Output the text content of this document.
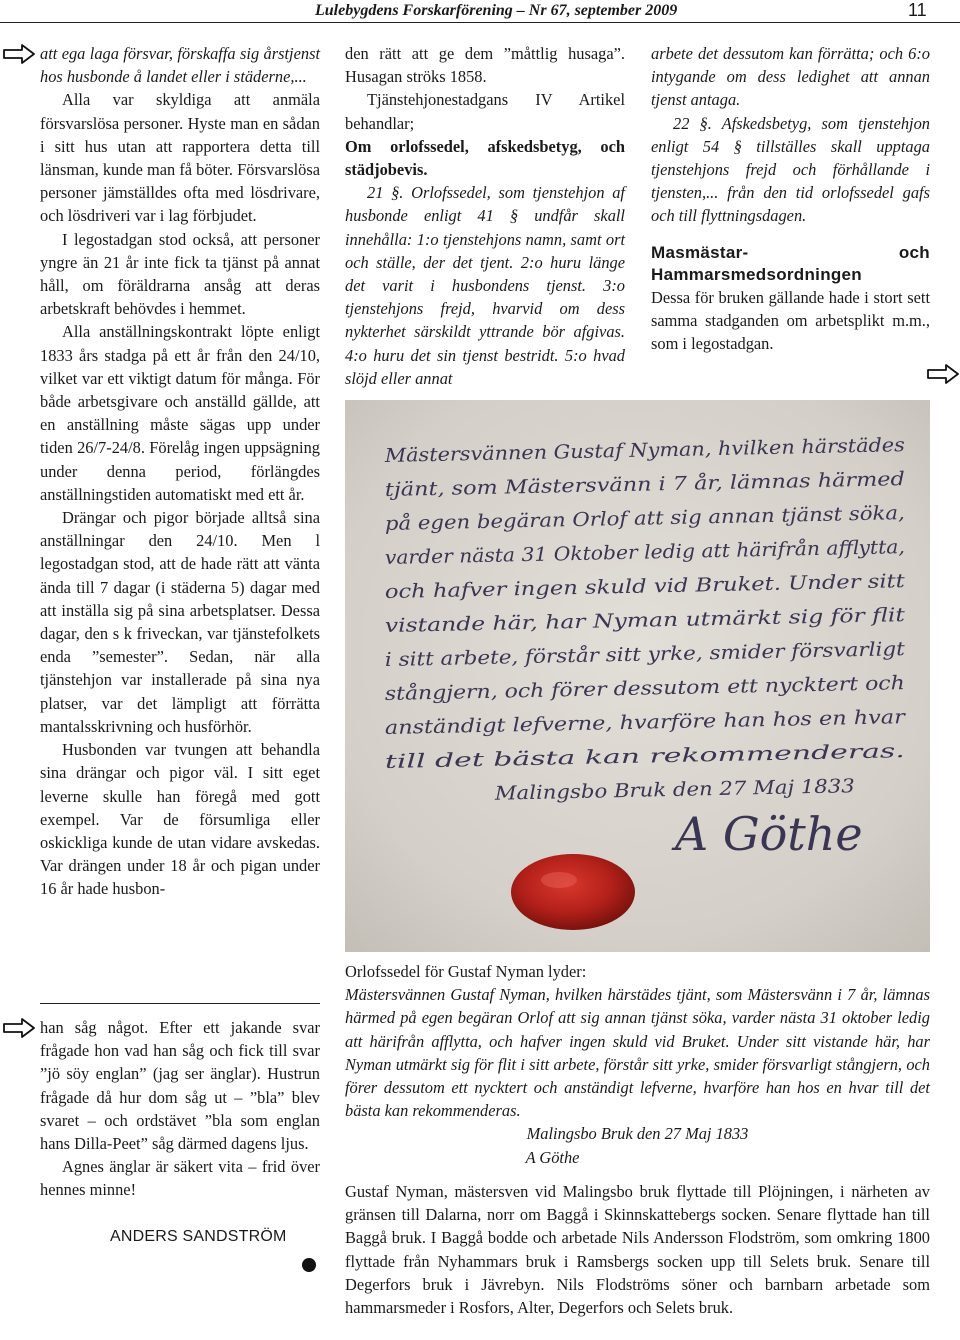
Lulebygdens Forskarförening – Nr 67, september 2009	11

att ega laga försvar, förskaffa sig årstjenst hos husbonde å landet eller i städerne,...

Alla var skyldiga att anmäla försvarslösa personer. Hyste man en sådan i sitt hus utan att rapportera detta till länsman, kunde man få böter. Försvarslösa personer jämställdes ofta med lösdrivare, och lösdriveri var i lag förbjudet.

I legostadgan stod också, att personer yngre än 21 år inte fick ta tjänst på annat håll, om föräldrarna ansåg att deras arbetskraft behövdes i hemmet.

Alla anställningskontrakt löpte enligt 1833 års stadga på ett år från den 24/10, vilket var ett viktigt datum för många. För både arbetsgivare och anställd gällde, att en anställning måste sägas upp under tiden 26/7-24/8. Förelåg ingen uppsägning under denna period, förlängdes anställningstiden automatiskt med ett år.

Drängar och pigor började alltså sina anställningar den 24/10. Men l legostadgan stod, att de hade rätt att vänta ända till 7 dagar (i städerna 5) dagar med att inställa sig på sina arbetsplatser. Dessa dagar, den s k friveckan, var tjänstefolkets enda ”semester”. Sedan, när alla tjänstehjon var installerade på sina nya platser, var det lämpligt att förrätta mantalsskrivning och husförhör.

Husbonden var tvungen att behandla sina drängar och pigor väl. I sitt eget leverne skulle han föregå med gott exempel. Var de försumliga eller oskickliga kunde de utan vidare avskedas. Var drängen under 18 år och pigan under 16 år hade husbon-

han såg något. Efter ett jakande svar frågade hon vad han såg och fick till svar ”jö söy englan” (jag ser änglar). Hustrun frågade då hur dom såg ut – ”bla” blev svaret – och ordstävet ”bla som englan hans Dilla-Peet” såg därmed dagens ljus.

Agnes änglar är säkert vita – frid över hennes minne!

ANDERS SANDSTRÖM

den rätt att ge dem ”måttlig husaga”. Husagan ströks 1858.

Tjänstehjonestadgans IV Artikel behandlar;

Om orlofssedel, afskedsbetyg, och städjobevis.

21 §. Orlofssedel, som tjenstehjon af husbonde enligt 41 § undfår skall innehålla: 1:o tjenstehjons namn, samt ort och ställe, der det tjent. 2:o huru länge det varit i husbondens tjenst. 3:o tjenstehjons frejd, hvarvid om dess nykterhet särskildt yttrande bör afgivas. 4:o huru det sin tjenst bestridt. 5:o hvad slöjd eller annat

arbete det dessutom kan förrätta; och 6:o intygande om dess ledighet att annan tjenst antaga.

22 §. Afskedsbetyg, som tjenstehjon enligt 54 § tillställes skall upptaga tjenstehjons frejd och förhållande i tjensten,... från den tid orlofssedel gafs och till flyttningsdagen.

Masmästar- och Hammarsmedsordningen

Dessa för bruken gällande hade i stort sett samma stadganden om arbetsplikt m.m., som i legostadgan.

Mästersvännen Gustaf Nyman, hvilken härstädes
tjänt, som Mästersvänn i 7 år, lämnas härmed
på egen begäran Orlof att sig annan tjänst söka,
varder nästa 31 Oktober ledig att härifrån afflytta,
och hafver ingen skuld vid Bruket. Under sitt
vistande här, har Nyman utmärkt sig för flit
i sitt arbete, förstår sitt yrke, smider försvarligt
stångjern, och förer dessutom ett nycktert och
anständigt lefverne, hvarföre han hos en hvar
till det bästa kan rekommenderas.
Malingsbo Bruk den 27 Maj 1833
A Göthe

Orlofssedel för Gustaf Nyman lyder:

Mästersvännen Gustaf Nyman, hvilken härstädes tjänt, som Mästersvänn i 7 år, lämnas härmed på egen begäran Orlof att sig annan tjänst söka, varder nästa 31 oktober ledig att härifrån afflytta, och hafver ingen skuld vid Bruket. Under sitt vistande här, har Nyman utmärkt sig för flit i sitt arbete, förstår sitt yrke, smider försvarligt stångjern, och förer dessutom ett nycktert och anständigt lefverne, hvarföre han hos en hvar till det bästa kan rekommenderas.

Malingsbo Bruk den 27 Maj 1833

A Göthe

Gustaf Nyman, mästersven vid Malingsbo bruk flyttade till Plöjningen, i närheten av gränsen till Dalarna, norr om Baggå i Skinnskattebergs socken. Senare flyttade han till Baggå bruk. I Baggå bodde och arbetade Nils Andersson Flodström, som omkring 1800 flyttade från Nyhammars bruk i Ramsbergs socken upp till Selets bruk. Senare till Degerfors bruk i Jävrebyn. Nils Flodströms söner och barnbarn arbetade som hammarsmeder i Rosfors, Alter, Degerfors och Selets bruk.
